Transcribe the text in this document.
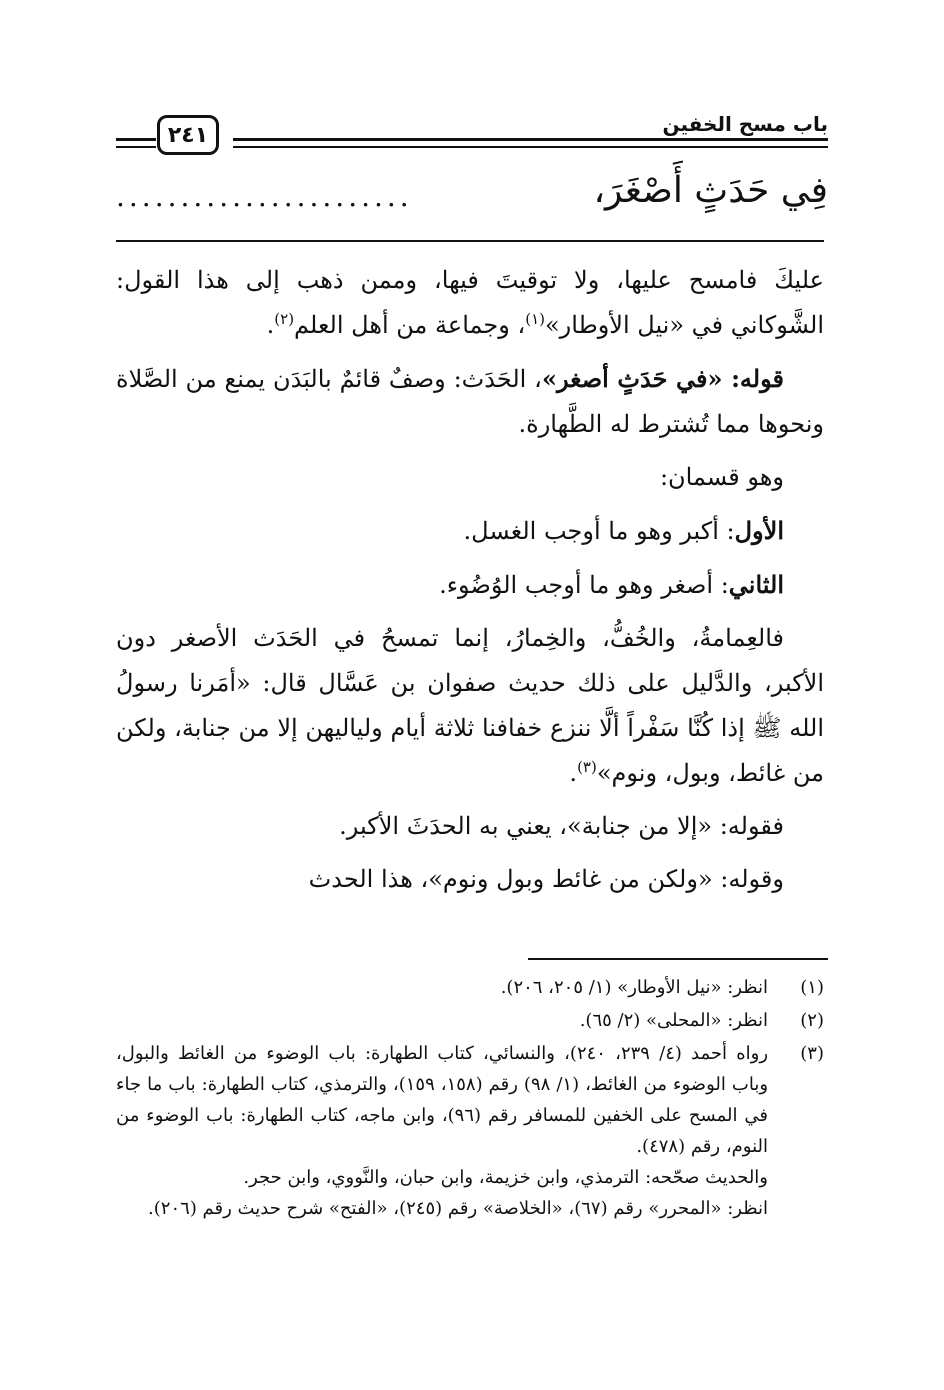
باب مسح الخفين
٢٤١
فِي حَدَثٍ أَصْغَرَ،
.......................

عليكَ فامسح عليها، ولا توقيتَ فيها، وممن ذهب إلى هذا القول: الشَّوكاني في «نيل الأوطار»$^{(١)}$، وجماعة من أهل العلم$^{(٢)}$.

قوله: «في حَدَثٍ أصغر»، الحَدَث: وصفٌ قائمٌ بالبَدَن يمنع من الصَّلاة ونحوها مما تُشترط له الطَّهارة.

وهو قسمان:

الأول: أكبر وهو ما أوجب الغسل.

الثاني: أصغر وهو ما أوجب الوُضُوء.

فالعِمامةُ، والخُفُّ، والخِمارُ، إنما تمسحُ في الحَدَث الأصغر دون الأكبر، والدَّليل على ذلك حديث صفوان بن عَسَّال قال: «أمَرنا رسولُ الله ﷺ إذا كُنَّا سَفْراً ألَّا ننزع خفافنا ثلاثة أيام ولياليهن إلا من جنابة، ولكن من غائط، وبول، ونوم»$^{(٣)}$.

فقوله: «إلا من جنابة»، يعني به الحدَثَ الأكبر.

وقوله: «ولكن من غائط وبول ونوم»، هذا الحدث

(١)

انظر: «نيل الأوطار» (١/ ٢٠٥، ٢٠٦).

(٢)

انظر: «المحلى» (٢/ ٦٥).

(٣)

رواه أحمد (٤/ ٢٣٩، ٢٤٠)، والنسائي، كتاب الطهارة: باب الوضوء من الغائط والبول، وباب الوضوء من الغائط، (١/ ٩٨) رقم (١٥٨، ١٥٩)، والترمذي، كتاب الطهارة: باب ما جاء في المسح على الخفين للمسافر رقم (٩٦)، وابن ماجه، كتاب الطهارة: باب الوضوء من النوم، رقم (٤٧٨).

والحديث صحّحه: الترمذي، وابن خزيمة، وابن حبان، والنَّووي، وابن حجر.

انظر: «المحرر» رقم (٦٧)، «الخلاصة» رقم (٢٤٥)، «الفتح» شرح حديث رقم (٢٠٦).
